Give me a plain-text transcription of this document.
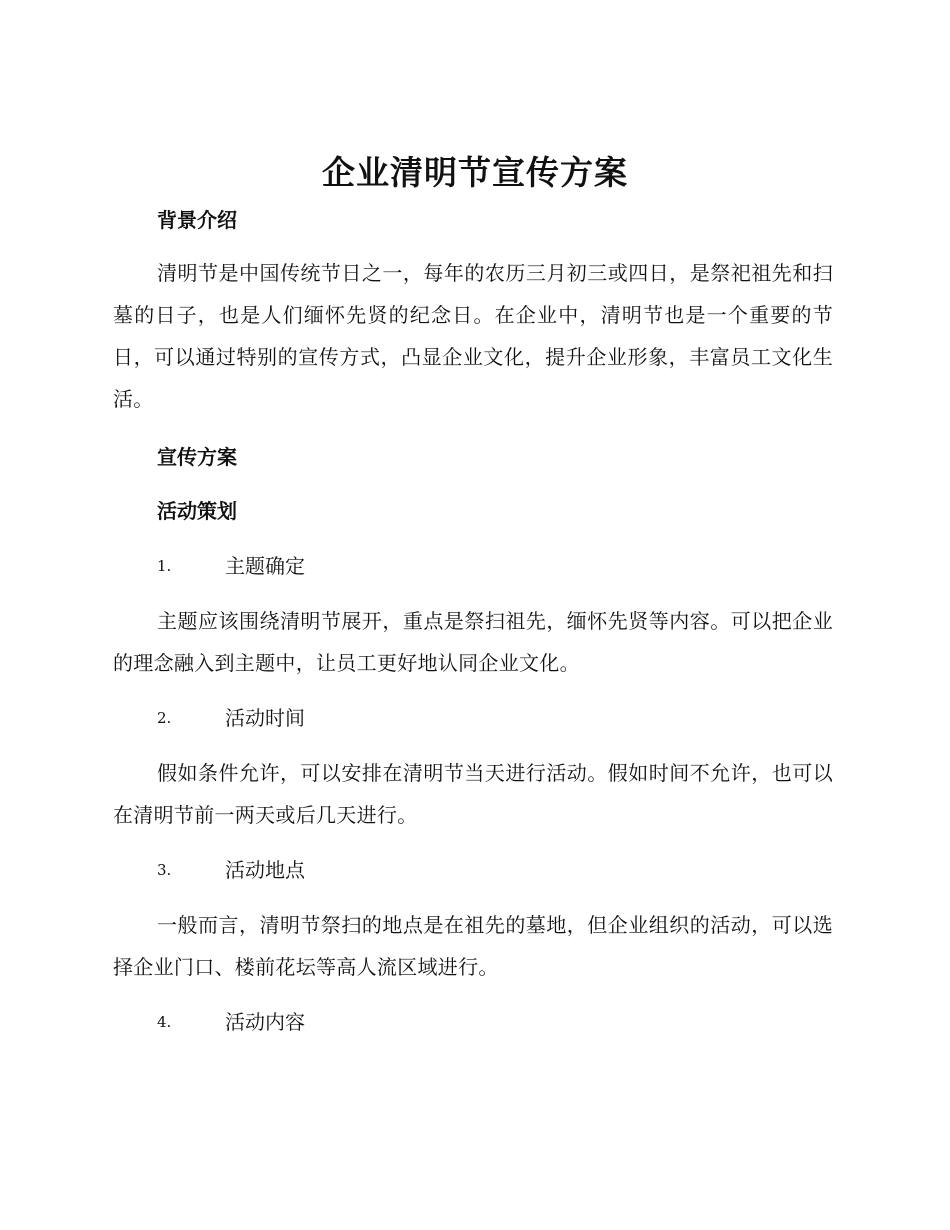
企业清明节宣传方案
背景介绍
清明节是中国传统节日之一，每年的农历三月初三或四日，是祭祀祖先和扫墓的日子，也是人们缅怀先贤的纪念日。在企业中，清明节也是一个重要的节日，可以通过特别的宣传方式，凸显企业文化，提升企业形象，丰富员工文化生活。
宣传方案
活动策划
1.	主题确定
主题应该围绕清明节展开，重点是祭扫祖先，缅怀先贤等内容。可以把企业的理念融入到主题中，让员工更好地认同企业文化。
2.	活动时间
假如条件允许，可以安排在清明节当天进行活动。假如时间不允许，也可以在清明节前一两天或后几天进行。
3.	活动地点
一般而言，清明节祭扫的地点是在祖先的墓地，但企业组织的活动，可以选择企业门口、楼前花坛等高人流区域进行。
4.	活动内容
